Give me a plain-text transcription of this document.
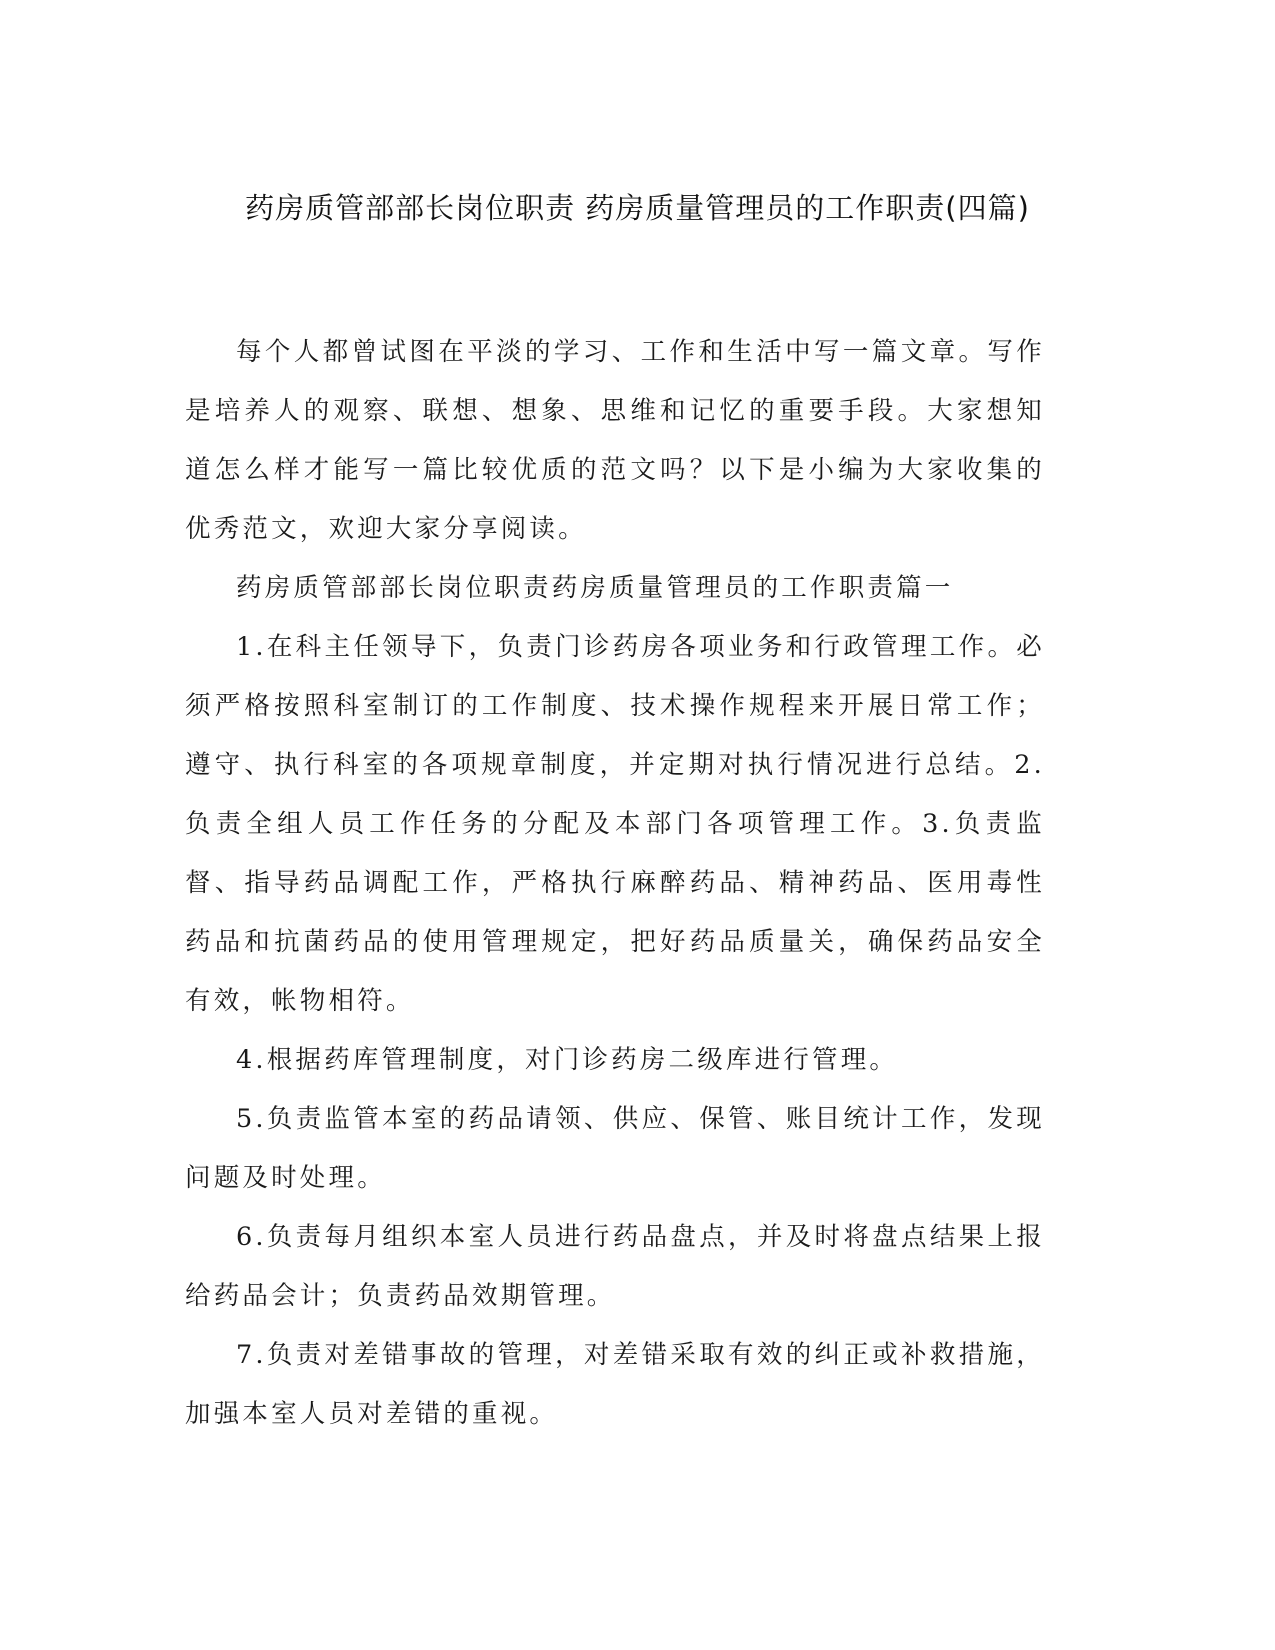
药房质管部部长岗位职责 药房质量管理员的工作职责(四篇)

每个人都曾试图在平淡的学习、工作和生活中写一篇文章。写作是培养人的观察、联想、想象、思维和记忆的重要手段。大家想知道怎么样才能写一篇比较优质的范文吗？以下是小编为大家收集的优秀范文，欢迎大家分享阅读。

药房质管部部长岗位职责药房质量管理员的工作职责篇一

1.在科主任领导下，负责门诊药房各项业务和行政管理工作。必须严格按照科室制订的工作制度、技术操作规程来开展日常工作；遵守、执行科室的各项规章制度，并定期对执行情况进行总结。2.负责全组人员工作任务的分配及本部门各项管理工作。3.负责监督、指导药品调配工作，严格执行麻醉药品、精神药品、医用毒性药品和抗菌药品的使用管理规定，把好药品质量关，确保药品安全有效，帐物相符。

4.根据药库管理制度，对门诊药房二级库进行管理。

5.负责监管本室的药品请领、供应、保管、账目统计工作，发现问题及时处理。

6.负责每月组织本室人员进行药品盘点，并及时将盘点结果上报给药品会计；负责药品效期管理。

7.负责对差错事故的管理，对差错采取有效的纠正或补救措施，加强本室人员对差错的重视。
